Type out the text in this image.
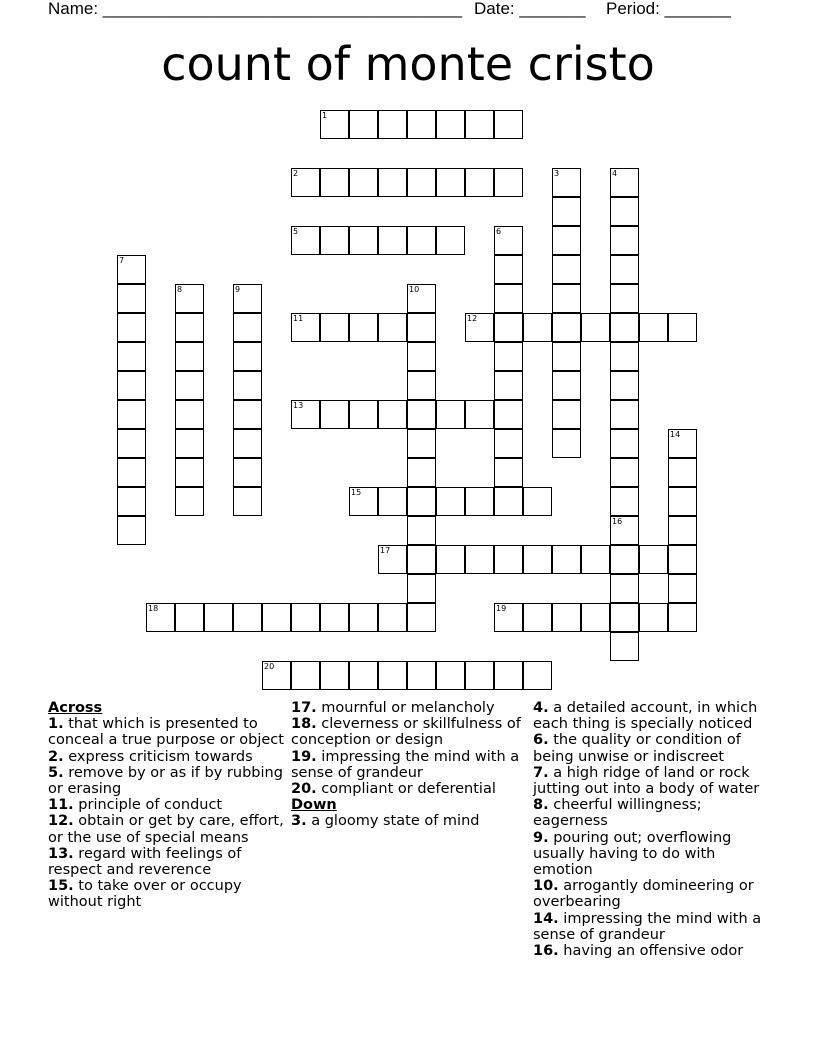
Name: ______________________________________ Date: _______ Period: _______
count of monte cristo
1
2
5
11	12
13
15
17
18	19
20
3	4
6
7
8	9	10
14
16
Across
1. that which is presented to conceal a true purpose or object
2. express criticism towards
5. remove by or as if by rubbing or erasing
11. principle of conduct
12. obtain or get by care, effort, or the use of special means
13. regard with feelings of respect and reverence
15. to take over or occupy without right
17. mournful or melancholy
18. cleverness or skillfulness of conception or design
19. impressing the mind with a sense of grandeur
20. compliant or deferential
Down
3. a gloomy state of mind
4. a detailed account, in which each thing is specially noticed
6. the quality or condition of being unwise or indiscreet
7. a high ridge of land or rock jutting out into a body of water
8. cheerful willingness; eagerness
9. pouring out; overflowing usually having to do with emotion
10. arrogantly domineering or overbearing
14. impressing the mind with a sense of grandeur
16. having an offensive odor
